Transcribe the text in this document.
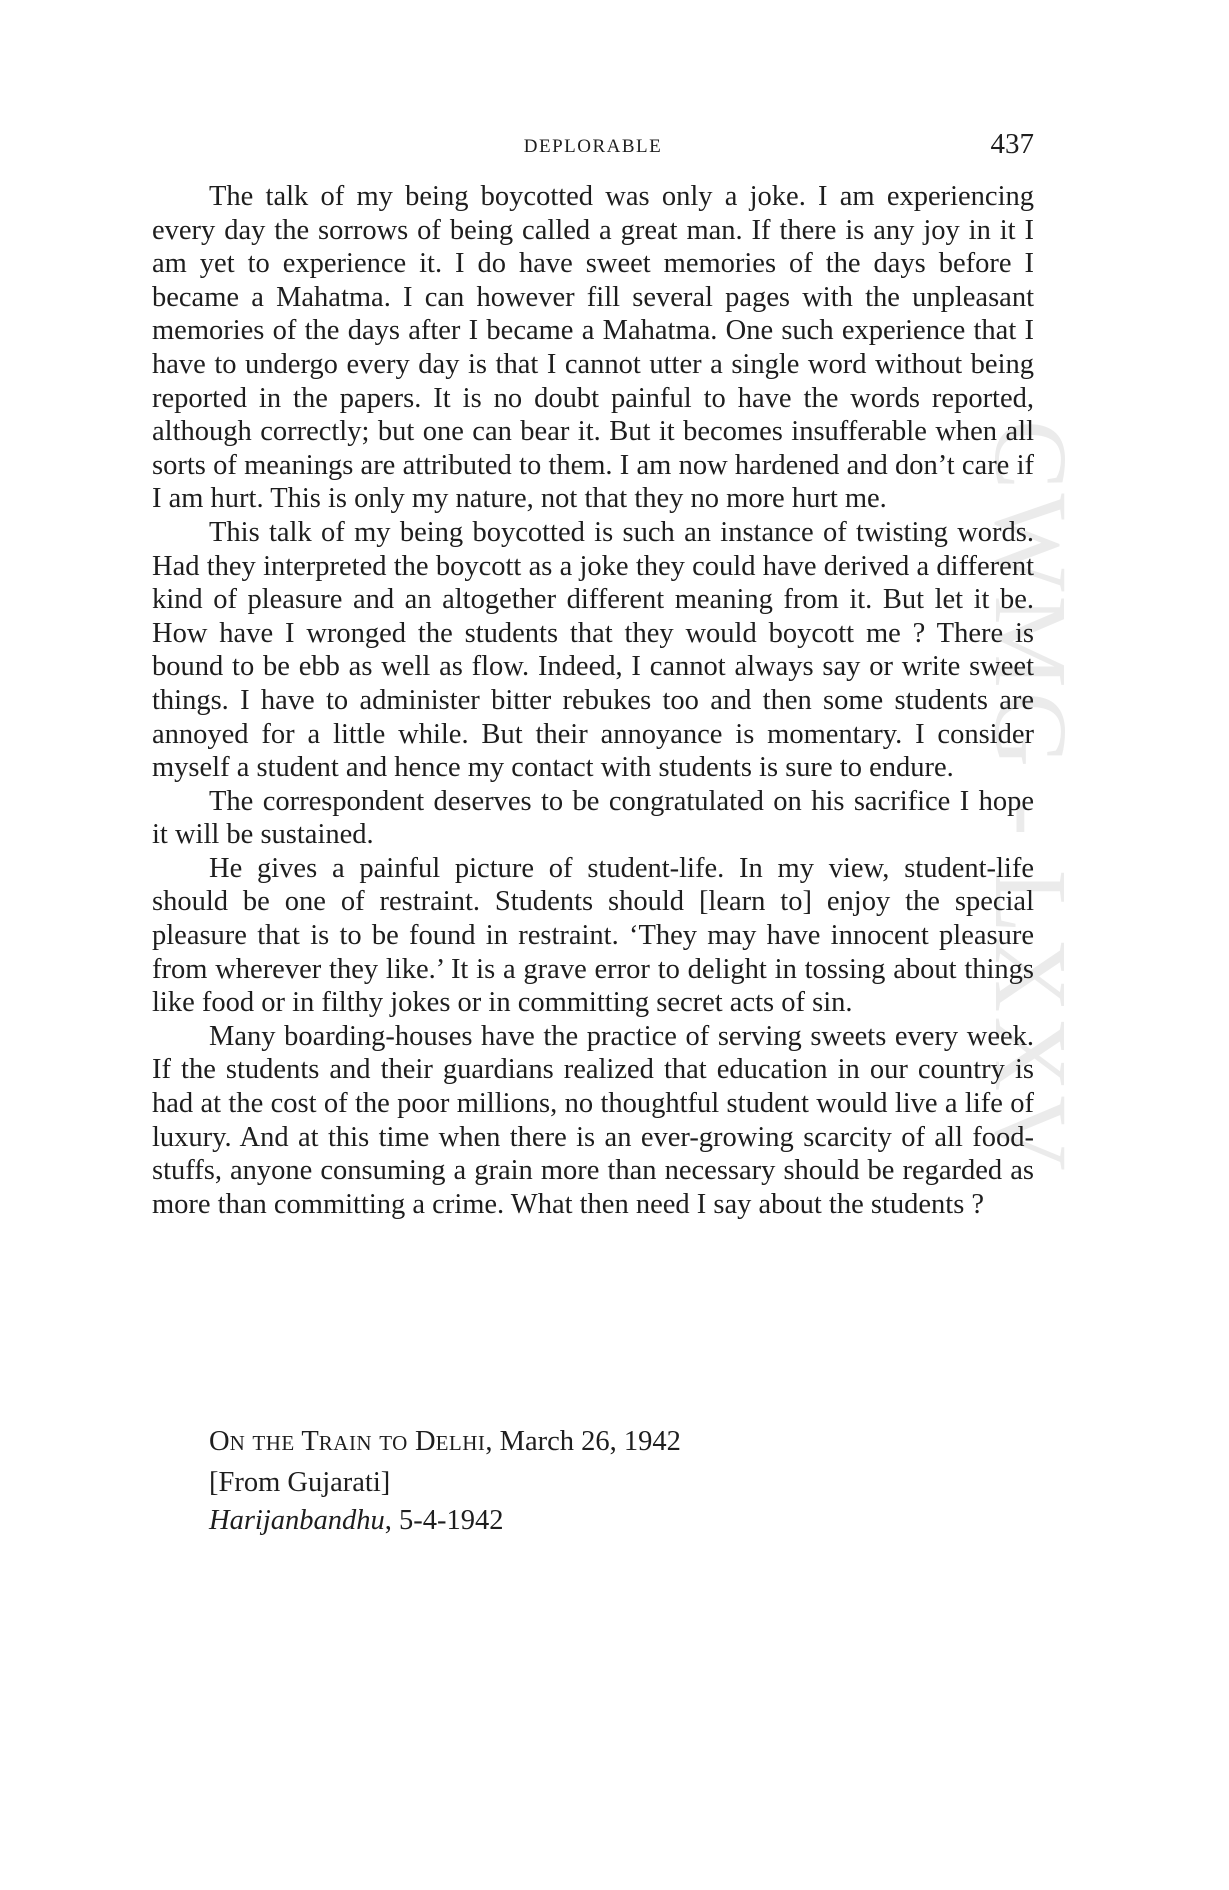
CWMG - LXXV
DEPLORABLE	437

The talk of my being boycotted was only a joke. I am experiencing every day the sorrows of being called a great man. If there is any joy in it I am yet to experience it. I do have sweet memories of the days before I became a Mahatma. I can however fill several pages with the unpleasant memories of the days after I became a Mahatma. One such experience that I have to undergo every day is that I cannot utter a single word without being reported in the papers. It is no doubt painful to have the words reported, although correctly; but one can bear it. But it becomes insufferable when all sorts of meanings are attributed to them. I am now hardened and don’t care if I am hurt. This is only my nature, not that they no more hurt me.

This talk of my being boycotted is such an instance of twisting words. Had they interpreted the boycott as a joke they could have derived a different kind of pleasure and an altogether different meaning from it. But let it be. How have I wronged the students that they would boycott me ? There is bound to be ebb as well as flow. Indeed, I cannot always say or write sweet things. I have to administer bitter rebukes too and then some students are annoyed for a little while. But their annoyance is momentary. I consider myself a student and hence my contact with students is sure to endure.

The correspondent deserves to be congratulated on his sacrifice I hope it will be sustained.

He gives a painful picture of student-life. In my view, student-life should be one of restraint. Students should [learn to] enjoy the special pleasure that is to be found in restraint. ‘They may have innocent pleasure from wherever they like.’ It is a grave error to delight in tossing about things like food or in filthy jokes or in committing secret acts of sin.

Many boarding-houses have the practice of serving sweets every week. If the students and their guardians realized that education in our country is had at the cost of the poor millions, no thoughtful student would live a life of luxury. And at this time when there is an ever-growing scarcity of all food-stuffs, anyone consuming a grain more than necessary should be regarded as more than committing a crime. What then need I say about the students ?

ON THE TRAIN TO DELHI, March 26, 1942
[From Gujarati]
Harijanbandhu, 5-4-1942
